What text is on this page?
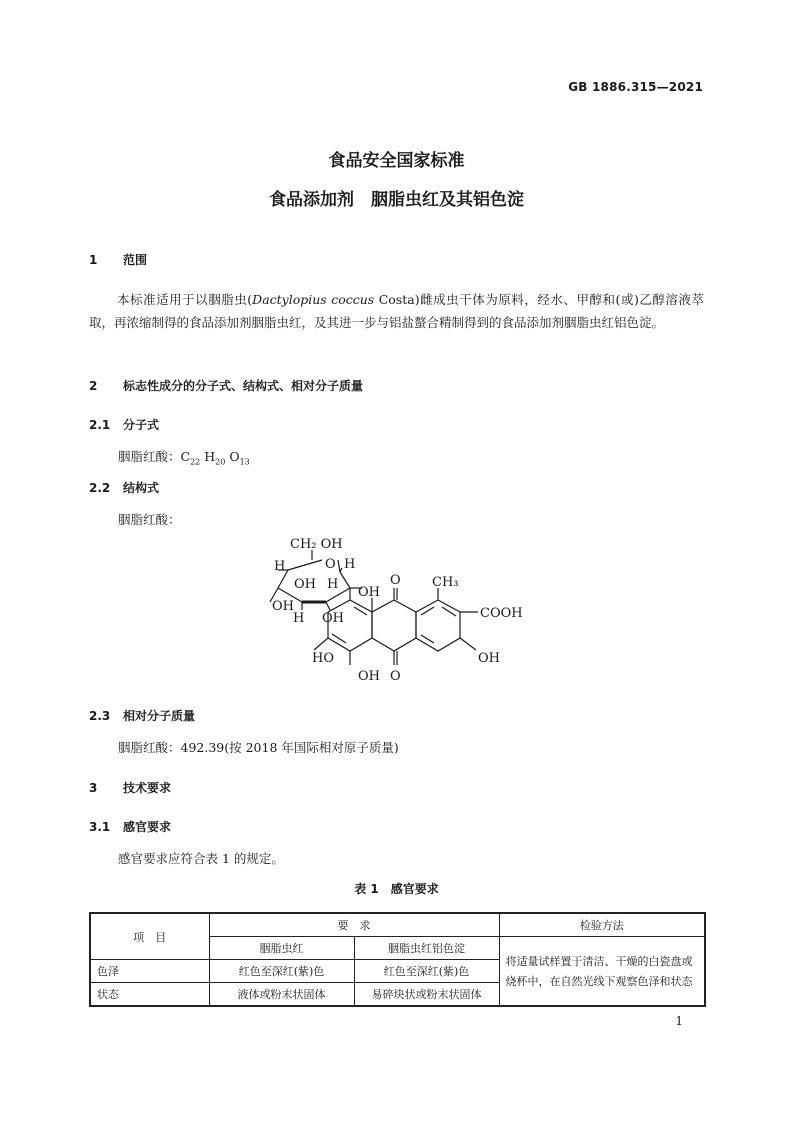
GB 1886.315—2021
食品安全国家标准
食品添加剂　胭脂虫红及其铝色淀
1 范围
本标准适用于以胭脂虫(Dactylopius coccus Costa)雌成虫干体为原料，经水、甲醇和(或)乙醇溶液萃取，再浓缩制得的食品添加剂胭脂虫红，及其进一步与铝盐螯合精制得到的食品添加剂胭脂虫红铝色淀。
2 标志性成分的分子式、结构式、相对分子质量
2.1 分子式
胭脂红酸：$C_{22}$ $H_{20}$ $O_{13}$
2.2 结构式
胭脂红酸：
CH₂ OH
H	O H
OH H
OH
H OH
OH
O CH₃
COOH
HO	OH
OH O
2.3 相对分子质量
胭脂红酸：492.39(按 2018 年国际相对原子质量)
3 技术要求
3.1 感官要求
感官要求应符合表 1 的规定。
表 1　感官要求
项　目	要　求		检验方法
	胭脂虫红	胭脂虫红铝色淀	将适量试样置于清洁、干燥的白瓷盘或烧杯中，在自然光线下观察色泽和状态
色泽	红色至深红(紫)色	红色至深红(紫)色	
状态	液体或粉末状固体	易碎块状或粉末状固体	
1
